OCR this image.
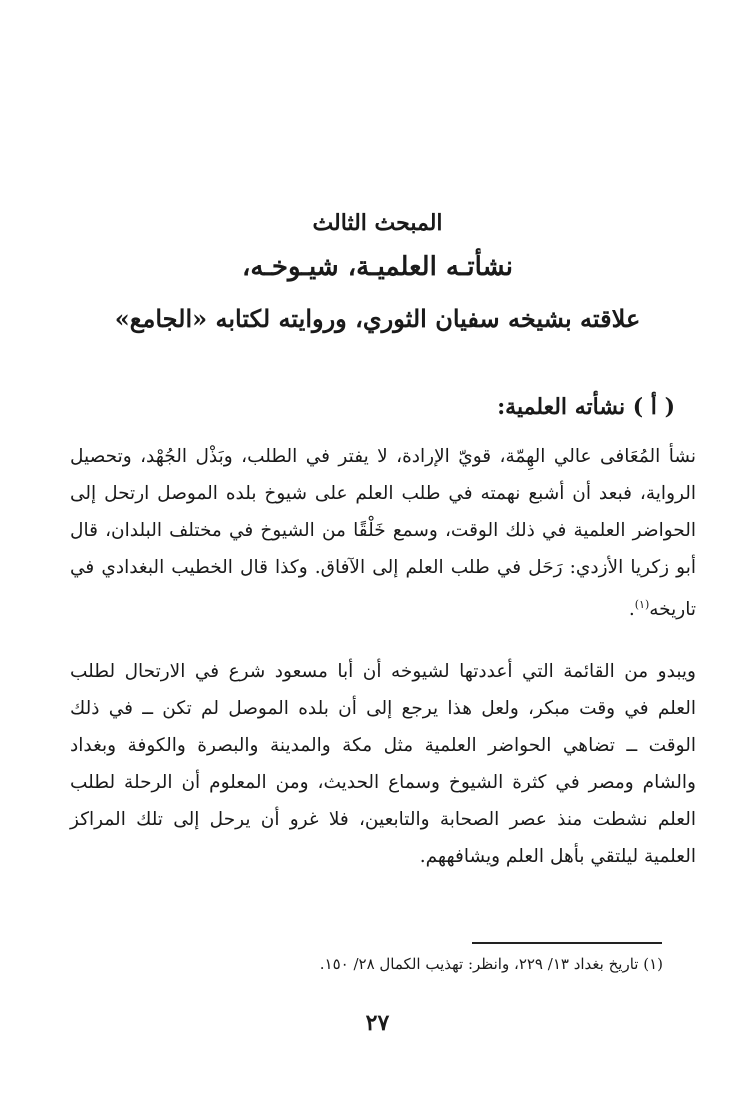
المبحث الثالث
نشأتـه العلميـة، شيـوخـه،
علاقته بشيخه سفيان الثوري، وروايته لكتابه «الجامع»
( أ ) نشأته العلمية:

نشأ المُعَافى عالي الهِمّة، قويّ الإرادة، لا يفتر في الطلب، وبَذْل الجُهْد، وتحصيل الرواية، فبعد أن أشبع نهمته في طلب العلم على شيوخ بلده الموصل ارتحل إلى الحواضر العلمية في ذلك الوقت، وسمع خَلْقًا من الشيوخ في مختلف البلدان، قال أبو زكريا الأزدي: رَحَل في طلب العلم إلى الآفاق. وكذا قال الخطيب البغدادي في تاريخه$^{(١)}$.

ويبدو من القائمة التي أعددتها لشيوخه أن أبا مسعود شرع في الارتحال لطلب العلم في وقت مبكر، ولعل هذا يرجع إلى أن بلده الموصل لم تكن ــ في ذلك الوقت ــ تضاهي الحواضر العلمية مثل مكة والمدينة والبصرة والكوفة وبغداد والشام ومصر في كثرة الشيوخ وسماع الحديث، ومن المعلوم أن الرحلة لطلب العلم نشطت منذ عصر الصحابة والتابعين، فلا غرو أن يرحل إلى تلك المراكز العلمية ليلتقي بأهل العلم ويشافههم.

(١) تاريخ بغداد ١٣/ ٢٢٩، وانظر: تهذيب الكمال ٢٨/ ١٥٠.

٢٧
